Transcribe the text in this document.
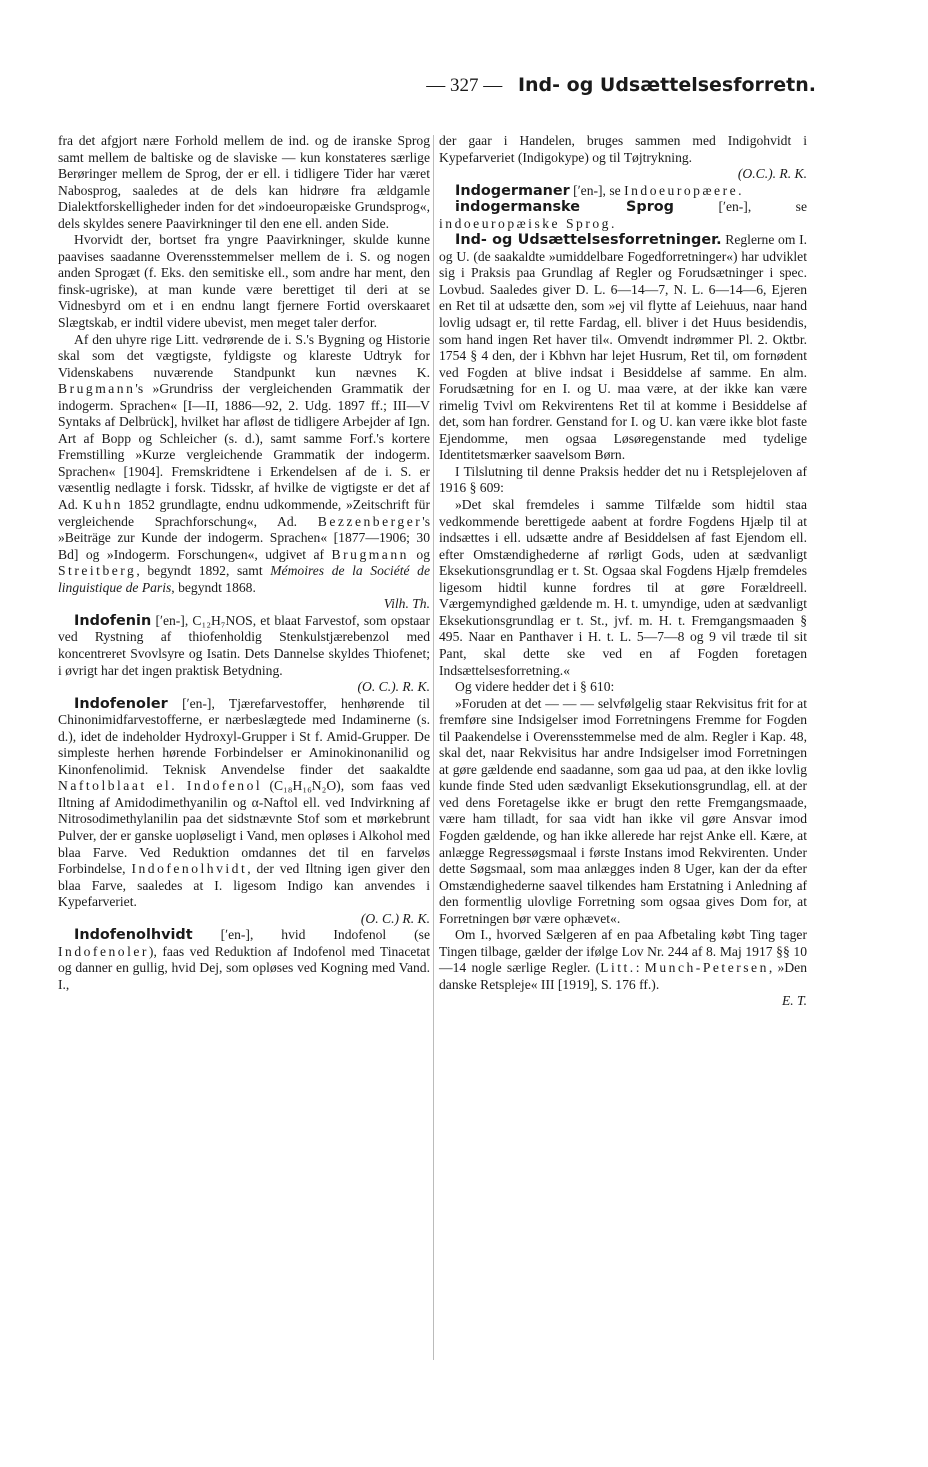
— 327 — Ind- og Udsættelsesforretn.

fra det afgjort nære Forhold mellem de ind. og de iranske Sprog samt mellem de baltiske og de slaviske — kun konstateres særlige Berøringer mellem de Sprog, der er ell. i tidligere Tider har været Nabosprog, saaledes at de dels kan hidrøre fra ældgamle Dialektforskelligheder inden for det »indoeuropæiske Grundsprog«, dels skyldes senere Paavirkninger til den ene ell. anden Side.

Hvorvidt der, bortset fra yngre Paavirkninger, skulde kunne paavises saadanne Overensstemmelser mellem de i. S. og nogen anden Sprogæt (f. Eks. den semitiske ell., som andre har ment, den finsk-ugriske), at man kunde være berettiget til deri at se Vidnesbyrd om et i en endnu langt fjernere Fortid overskaaret Slægtskab, er indtil videre ubevist, men meget taler derfor.

Af den uhyre rige Litt. vedrørende de i. S.'s Bygning og Historie skal som det vægtigste, fyldigste og klareste Udtryk for Videnskabens nuværende Standpunkt kun nævnes K. Brugmann's »Grundriss der vergleichenden Grammatik der indogerm. Sprachen« [I—II, 1886—92, 2. Udg. 1897 ff.; III—V Syntaks af Delbrück], hvilket har afløst de tidligere Arbejder af Ign. Art af Bopp og Schleicher (s. d.), samt samme Forf.'s kortere Fremstilling »Kurze vergleichende Grammatik der indogerm. Sprachen« [1904]. Fremskridtene i Erkendelsen af de i. S. er væsentlig nedlagte i forsk. Tidsskr, af hvilke de vigtigste er det af Ad. Kuhn 1852 grundlagte, endnu udkommende, »Zeitschrift für vergleichende Sprachforschung«, Ad. Bezzenberger's »Beiträge zur Kunde der indogerm. Sprachen« [1877—1906; 30 Bd] og »Indogerm. Forschungen«, udgivet af Brugmann og Streitberg, begyndt 1892, samt Mémoires de la Société de linguistique de Paris, begyndt 1868.

Vilh. Th.

Indofenin [ʹen-], C₁₂H₇NOS, et blaat Farvestof, som opstaar ved Rystning af thiofenholdig Stenkulstjærebenzol med koncentreret Svovlsyre og Isatin. Dets Dannelse skyldes Thiofenet; i øvrigt har det ingen praktisk Betydning.

(O. C.). R. K.

Indofenoler [ʹen-], Tjærefarvestoffer, henhørende til Chinonimidfarvestofferne, er nærbeslægtede med Indaminerne (s. d.), idet de indeholder Hydroxyl-Grupper i St f. Amid-Grupper. De simpleste herhen hørende Forbindelser er Aminokinonanilid og Kinonfenolimid. Teknisk Anvendelse finder det saakaldte Naftolblaat el. Indofenol (C₁₈H₁₆N₂O), som faas ved Iltning af Amidodimethyanilin og α-Naftol ell. ved Indvirkning af Nitrosodimethylanilin paa det sidstnævnte Stof som et mørkebrunt Pulver, der er ganske uopløseligt i Vand, men opløses i Alkohol med blaa Farve. Ved Reduktion omdannes det til en farveløs Forbindelse, Indofenolhvidt, der ved Iltning igen giver den blaa Farve, saaledes at I. ligesom Indigo kan anvendes i Kypefarveriet.

(O. C.) R. K.

Indofenolhvidt [ʹen-], hvid Indofenol (se Indofenoler), faas ved Reduktion af Indofenol med Tinacetat og danner en gullig, hvid Dej, som opløses ved Kogning med Vand. I.,

der gaar i Handelen, bruges sammen med Indigohvidt i Kypefarveriet (Indigokype) og til Tøjtrykning.

(O.C.). R. K.

Indogermaner [ʹen-], se Indoeuropæere.

indogermanske Sprog	[ʹen-], se indoeuropæiske Sprog.

Ind- og Udsættelsesforretninger. Reglerne om I. og U. (de saakaldte »umiddelbare Fogedforretninger«) har udviklet sig i Praksis paa Grundlag af Regler og Forudsætninger i spec. Lovbud. Saaledes giver D. L. 6—14—7, N. L. 6—14—6, Ejeren en Ret til at udsætte den, som »ej vil flytte af Leiehuus, naar hand lovlig udsagt er, til rette Fardag, ell. bliver i det Huus besidendis, som hand ingen Ret haver til«. Omvendt indrømmer Pl. 2. Oktbr. 1754 § 4 den, der i Kbhvn har lejet Husrum, Ret til, om fornødent ved Fogden at blive indsat i Besiddelse af samme. En alm. Forudsætning for en I. og U. maa være, at der ikke kan være rimelig Tvivl om Rekvirentens Ret til at komme i Besiddelse af det, som han fordrer. Genstand for I. og U. kan være ikke blot faste Ejendomme, men ogsaa Løsøregenstande med tydelige Identitetsmærker saavelsom Børn.

I Tilslutning til denne Praksis hedder det nu i Retsplejeloven af 1916 § 609:

»Det skal fremdeles i samme Tilfælde som hidtil staa vedkommende berettigede aabent at fordre Fogdens Hjælp til at indsættes i ell. udsætte andre af Besiddelsen af fast Ejendom ell. efter Omstændighederne af rørligt Gods, uden at sædvanligt Eksekutionsgrundlag er t. St. Ogsaa skal Fogdens Hjælp fremdeles ligesom hidtil kunne fordres til at gøre Forældreell. Værgemyndighed gældende m. H. t. umyndige, uden at sædvanligt Eksekutionsgrundlag er t. St., jvf. m. H. t. Fremgangsmaaden § 495. Naar en Panthaver i H. t. L. 5—7—8 og 9 vil træde til sit Pant, skal dette ske ved en af Fogden foretagen Indsættelsesforretning.«

Og videre hedder det i § 610:

»Foruden at det — — — selvfølgelig staar Rekvisitus frit for at fremføre sine Indsigelser imod Forretningens Fremme for Fogden til Paakendelse i Overensstemmelse med de alm. Regler i Kap. 48, skal det, naar Rekvisitus har andre Indsigelser imod Forretningen at gøre gældende end saadanne, som gaa ud paa, at den ikke lovlig kunde finde Sted uden sædvanligt Eksekutionsgrundlag, ell. at der ved dens Foretagelse ikke er brugt den rette Fremgangsmaade, være ham tilladt, for saa vidt han ikke vil gøre Ansvar imod Fogden gældende, og han ikke allerede har rejst Anke ell. Kære, at anlægge Regressøgsmaal i første Instans imod Rekvirenten. Under dette Søgsmaal, som maa anlægges inden 8 Uger, kan der da efter Omstændighederne saavel tilkendes ham Erstatning i Anledning af den formentlig ulovlige Forretning som ogsaa gives Dom for, at Forretningen bør være ophævet«.

Om I., hvorved Sælgeren af en paa Afbetaling købt Ting tager Tingen tilbage, gælder der ifølge Lov Nr. 244 af 8. Maj 1917 §§ 10—14 nogle særlige Regler. (Litt.: Munch-Petersen, »Den danske Retspleje« III [1919], S. 176 ff.).

E. T.
